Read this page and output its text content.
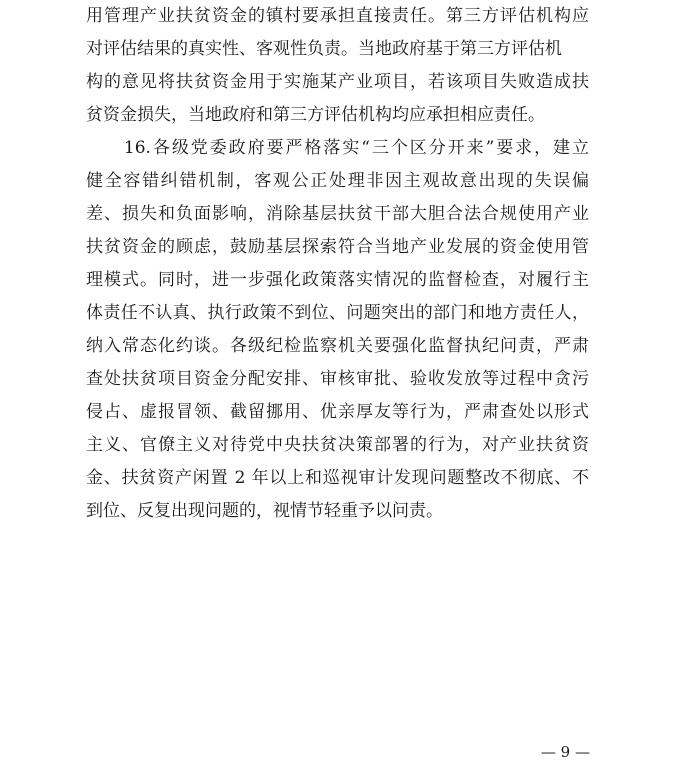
用管理产业扶贫资金的镇村要承担直接责任。第三方评估机构应
对评估结果的真实性、客观性负责。当地政府基于第三方评估机
构的意见将扶贫资金用于实施某产业项目，若该项目失败造成扶
贫资金损失，当地政府和第三方评估机构均应承担相应责任。
　　16.各级党委政府要严格落实“三个区分开来”要求，建立
健全容错纠错机制，客观公正处理非因主观故意出现的失误偏
差、损失和负面影响，消除基层扶贫干部大胆合法合规使用产业
扶贫资金的顾虑，鼓励基层探索符合当地产业发展的资金使用管
理模式。同时，进一步强化政策落实情况的监督检查，对履行主
体责任不认真、执行政策不到位、问题突出的部门和地方责任人，
纳入常态化约谈。各级纪检监察机关要强化监督执纪问责，严肃
查处扶贫项目资金分配安排、审核审批、验收发放等过程中贪污
侵占、虚报冒领、截留挪用、优亲厚友等行为，严肃查处以形式
主义、官僚主义对待党中央扶贫决策部署的行为，对产业扶贫资
金、扶贫资产闲置 2 年以上和巡视审计发现问题整改不彻底、不
到位、反复出现问题的，视情节轻重予以问责。
— 9 —
